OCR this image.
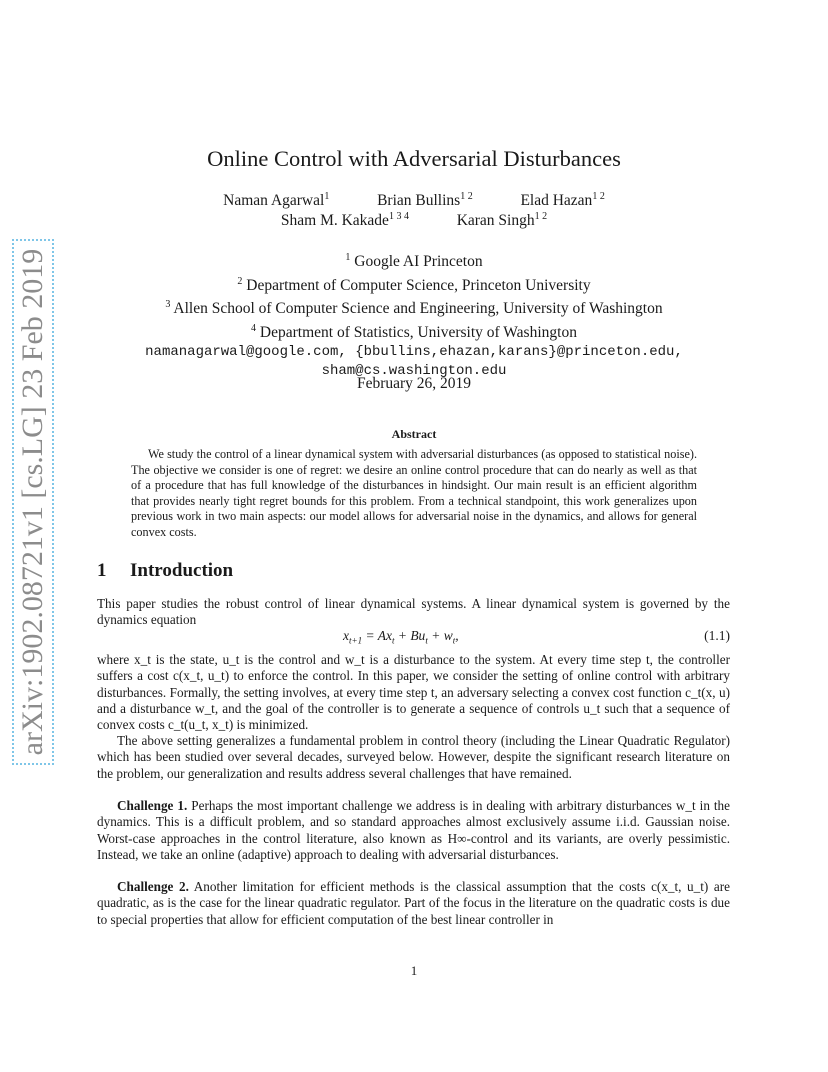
arXiv:1902.08721v1 [cs.LG] 23 Feb 2019
Online Control with Adversarial Disturbances
Naman Agarwal$^1$	Brian Bullins$^{1 2}$	Elad Hazan$^{1 2}$
Sham M. Kakade$^{1 3 4}$	Karan Singh$^{1 2}$
$^1$ Google AI Princeton
$^2$ Department of Computer Science, Princeton University
$^3$ Allen School of Computer Science and Engineering, University of Washington
$^4$ Department of Statistics, University of Washington
namanagarwal@google.com, {bbullins,ehazan,karans}@princeton.edu,
sham@cs.washington.edu
February 26, 2019
Abstract
We study the control of a linear dynamical system with adversarial disturbances (as opposed to statistical noise). The objective we consider is one of regret: we desire an online control procedure that can do nearly as well as that of a procedure that has full knowledge of the disturbances in hindsight. Our main result is an efficient algorithm that provides nearly tight regret bounds for this problem. From a technical standpoint, this work generalizes upon previous work in two main aspects: our model allows for adversarial noise in the dynamics, and allows for general convex costs.
1 Introduction
This paper studies the robust control of linear dynamical systems. A linear dynamical system is governed by the dynamics equation
$x_{t+1} = Ax_t + Bu_t + w_t$,	(1.1)
where x_t is the state, u_t is the control and w_t is a disturbance to the system. At every time step t, the controller suffers a cost c(x_t, u_t) to enforce the control. In this paper, we consider the setting of online control with arbitrary disturbances. Formally, the setting involves, at every time step t, an adversary selecting a convex cost function c_t(x, u) and a disturbance w_t, and the goal of the controller is to generate a sequence of controls u_t such that a sequence of convex costs c_t(u_t, x_t) is minimized.
The above setting generalizes a fundamental problem in control theory (including the Linear Quadratic Regulator) which has been studied over several decades, surveyed below. However, despite the significant research literature on the problem, our generalization and results address several challenges that have remained.
Challenge 1. Perhaps the most important challenge we address is in dealing with arbitrary disturbances w_t in the dynamics. This is a difficult problem, and so standard approaches almost exclusively assume i.i.d. Gaussian noise. Worst-case approaches in the control literature, also known as H∞-control and its variants, are overly pessimistic. Instead, we take an online (adaptive) approach to dealing with adversarial disturbances.
Challenge 2. Another limitation for efficient methods is the classical assumption that the costs c(x_t, u_t) are quadratic, as is the case for the linear quadratic regulator. Part of the focus in the literature on the quadratic costs is due to special properties that allow for efficient computation of the best linear controller in
1
